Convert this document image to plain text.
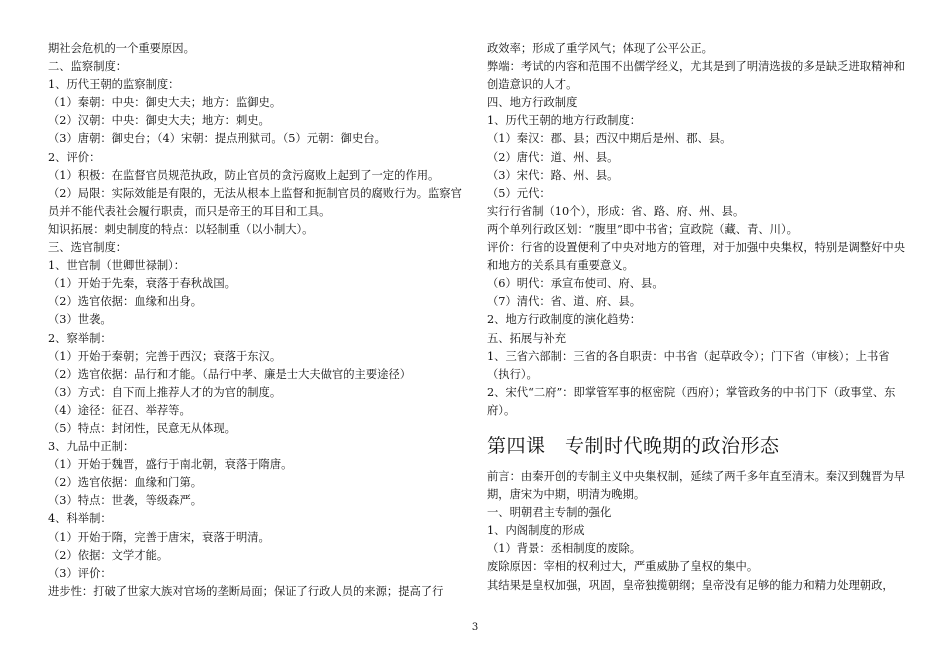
期社会危机的一个重要原因。
二、监察制度：
1、历代王朝的监察制度：
（1）秦朝：中央：御史大夫；地方：监御史。
（2）汉朝：中央：御史大夫；地方：刺史。
（3）唐朝：御史台；（4）宋朝：提点刑狱司。（5）元朝：御史台。
2、评价：
（1）积极：在监督官员规范执政，防止官员的贪污腐败上起到了一定的作用。
（2）局限：实际效能是有限的，无法从根本上监督和扼制官员的腐败行为。监察官员并不能代表社会履行职责，而只是帝王的耳目和工具。
知识拓展：刺史制度的特点：以轻制重（以小制大）。
三、选官制度：
1、世官制（世卿世禄制）：
（1）开始于先秦，衰落于春秋战国。
（2）选官依据：血缘和出身。
（3）世袭。
2、察举制：
（1）开始于秦朝；完善于西汉；衰落于东汉。
（2）选官依据：品行和才能。（品行中孝、廉是士大夫做官的主要途径）
（3）方式：自下而上推荐人才的为官的制度。
（4）途径：征召、举荐等。
（5）特点：封闭性，民意无从体现。
3、九品中正制：
（1）开始于魏晋，盛行于南北朝，衰落于隋唐。
（2）选官依据：血缘和门第。
（3）特点：世袭，等级森严。
4、科举制：
（1）开始于隋，完善于唐宋，衰落于明清。
（2）依据：文学才能。
（3）评价：
进步性：打破了世家大族对官场的垄断局面；保证了行政人员的来源；提高了行
政效率；形成了重学风气；体现了公平公正。
弊端：考试的内容和范围不出儒学经义，尤其是到了明清选拔的多是缺乏进取精神和创造意识的人才。
四、地方行政制度
1、历代王朝的地方行政制度：
（1）秦汉：郡、县；西汉中期后是州、郡、县。
（2）唐代：道、州、县。
（3）宋代：路、州、县。
（5）元代：
实行行省制（10个），形成：省、路、府、州、县。
两个单列行政区划：“腹里”即中书省；宣政院（藏、青、川）。
评价：行省的设置便利了中央对地方的管理，对于加强中央集权，特别是调整好中央和地方的关系具有重要意义。
（6）明代：承宣布使司、府、县。
（7）清代：省、道、府、县。
2、地方行政制度的演化趋势：
五、拓展与补充
1、三省六部制：三省的各自职责：中书省（起草政令）；门下省（审核）；上书省（执行）。
2、宋代“二府”：即掌管军事的枢密院（西府）；掌管政务的中书门下（政事堂、东府）。
第四课　专制时代晚期的政治形态
前言：由秦开创的专制主义中央集权制，延续了两千多年直至清末。秦汉到魏晋为早期，唐宋为中期，明清为晚期。
一、明朝君主专制的强化
1、内阁制度的形成
（1）背景：丞相制度的废除。
废除原因：宰相的权利过大，严重威胁了皇权的集中。
其结果是皇权加强，巩固，皇帝独揽朝纲；皇帝没有足够的能力和精力处理朝政，
3
